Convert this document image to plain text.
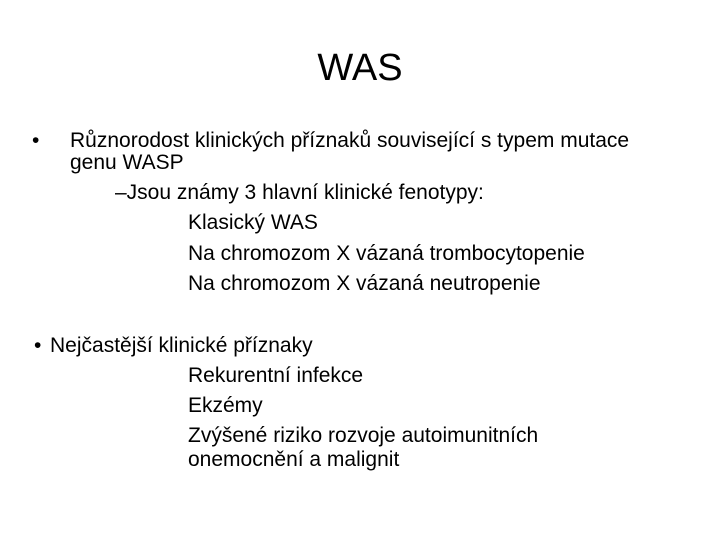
WAS
• Různorodost klinických příznaků související s typem mutace
genu WASP
–Jsou známy 3 hlavní klinické fenotypy:
Klasický WAS
Na chromozom X vázaná trombocytopenie
Na chromozom X vázaná neutropenie
• Nejčastější klinické příznaky
Rekurentní infekce
Ekzémy
Zvýšené riziko rozvoje autoimunitních
onemocnění a malignit
